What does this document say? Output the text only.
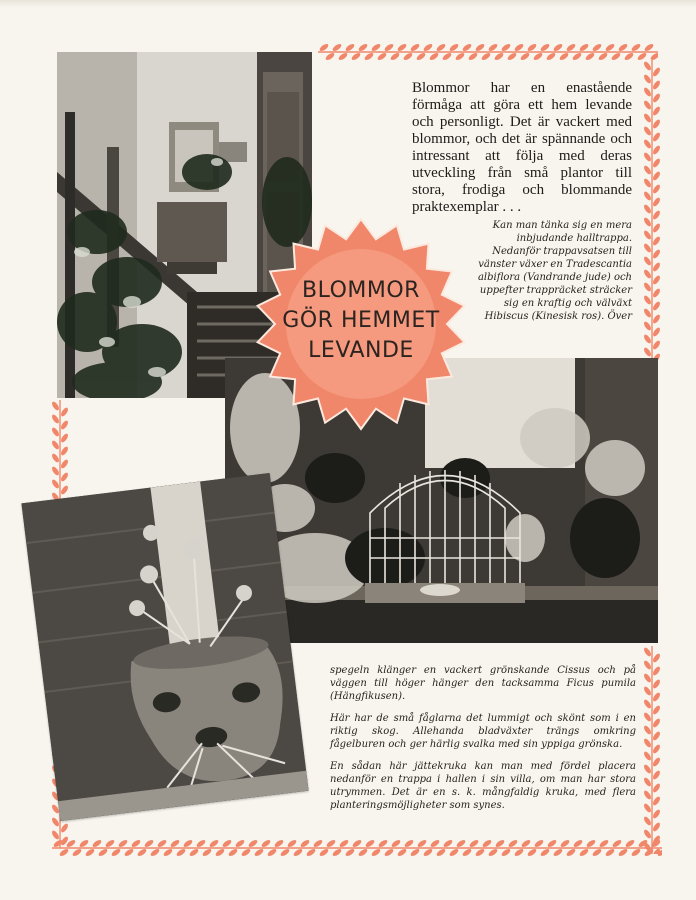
BLOMMOR
GÖR HEMMET
LEVANDE

Blommor har en enastående förmåga att göra ett hem levande och personligt. Det är vackert med blommor, och det är spännande och intressant att följa med deras utveckling från små plantor till stora, frodiga och blommande praktexemplar . . .

Kan man tänka sig en mera inbjudande halltrappa. Nedanför trappavsatsen till vänster växer en Tradescantia albiflora (Vandrande jude) och uppefter trappräcket sträcker sig en kraftig och välväxt Hibiscus (Kinesisk ros). Över

spegeln klänger en vackert grönskande Cissus och på väggen till höger hänger den tacksamma Ficus pumila (Hängfikusen).

Här har de små fåglarna det lummigt och skönt som i en riktig skog. Allehanda bladväxter trängs omkring fågelburen och ger härlig svalka med sin yppiga grönska.

En sådan här jättekruka kan man med fördel placera nedanför en trappa i hallen i sin villa, om man har stora utrymmen. Det är en s. k. mångfaldig kruka, med flera planteringsmöjligheter som synes.
